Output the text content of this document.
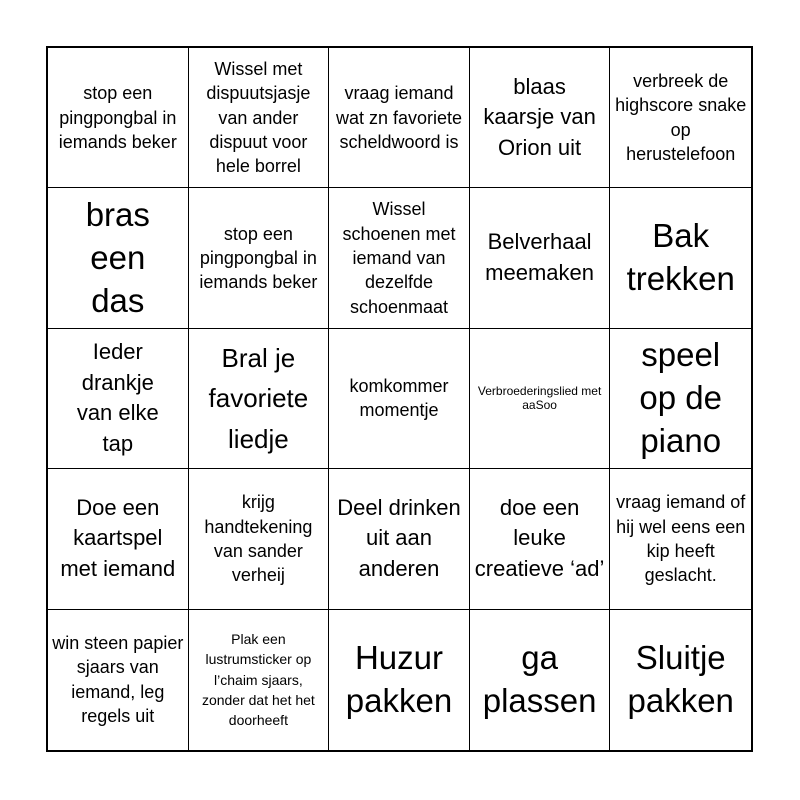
stop een pingpongbal in iemands beker
Wissel met dispuutsjasje van ander dispuut voor hele borrel
vraag iemand wat zn favoriete scheldwoord is
blaas kaarsje van Orion uit
verbreek de highscore snake op herustelefoon
bras een das
stop een pingpongbal in iemands beker
Wissel schoenen met iemand van dezelfde schoenmaat
Belverhaal meemaken
Bak trekken
Ieder drankje van elke tap
Bral je favoriete liedje
komkommer momentje
Verbroederingslied met aaSoo
speel op de piano
Doe een kaartspel met iemand
krijg handtekening van sander verheij
Deel drinken uit aan anderen
doe een leuke creatieve ‘ad’
vraag iemand of hij wel eens een kip heeft geslacht.
win steen papier sjaars van iemand, leg regels uit
Plak een lustrumsticker op l’chaim sjaars, zonder dat het het doorheeft
Huzur pakken
ga plassen
Sluitje pakken
